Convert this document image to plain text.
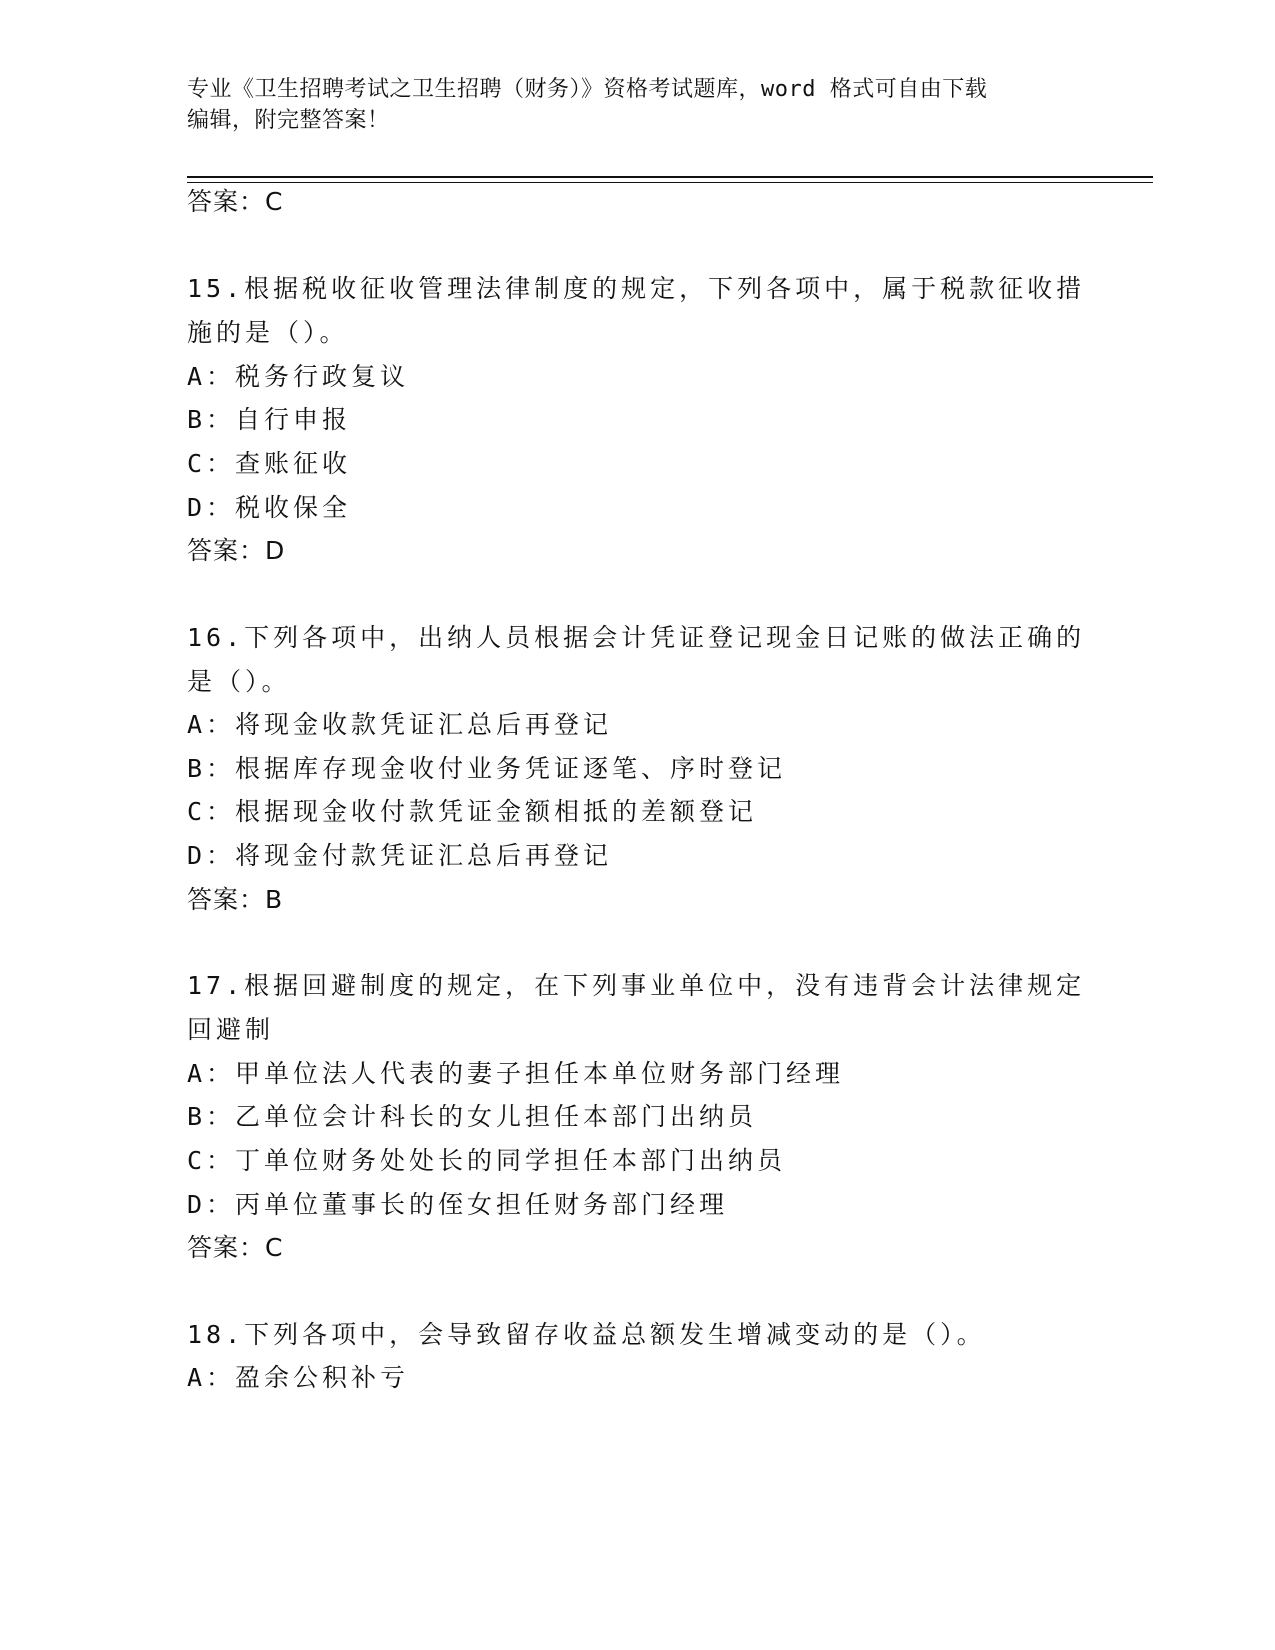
专业《卫生招聘考试之卫生招聘（财务）》资格考试题库，word 格式可自由下载
编辑，附完整答案！
答案：C
15.根据税收征收管理法律制度的规定，下列各项中，属于税款征收措
施的是（）。
A：税务行政复议
B：自行申报
C：查账征收
D：税收保全
答案：D
16.下列各项中，出纳人员根据会计凭证登记现金日记账的做法正确的
是（）。
A：将现金收款凭证汇总后再登记
B：根据库存现金收付业务凭证逐笔、序时登记
C：根据现金收付款凭证金额相抵的差额登记
D：将现金付款凭证汇总后再登记
答案：B
17.根据回避制度的规定，在下列事业单位中，没有违背会计法律规定
回避制
A：甲单位法人代表的妻子担任本单位财务部门经理
B：乙单位会计科长的女儿担任本部门出纳员
C：丁单位财务处处长的同学担任本部门出纳员
D：丙单位董事长的侄女担任财务部门经理
答案：C
18.下列各项中，会导致留存收益总额发生增减变动的是（）。
A：盈余公积补亏
